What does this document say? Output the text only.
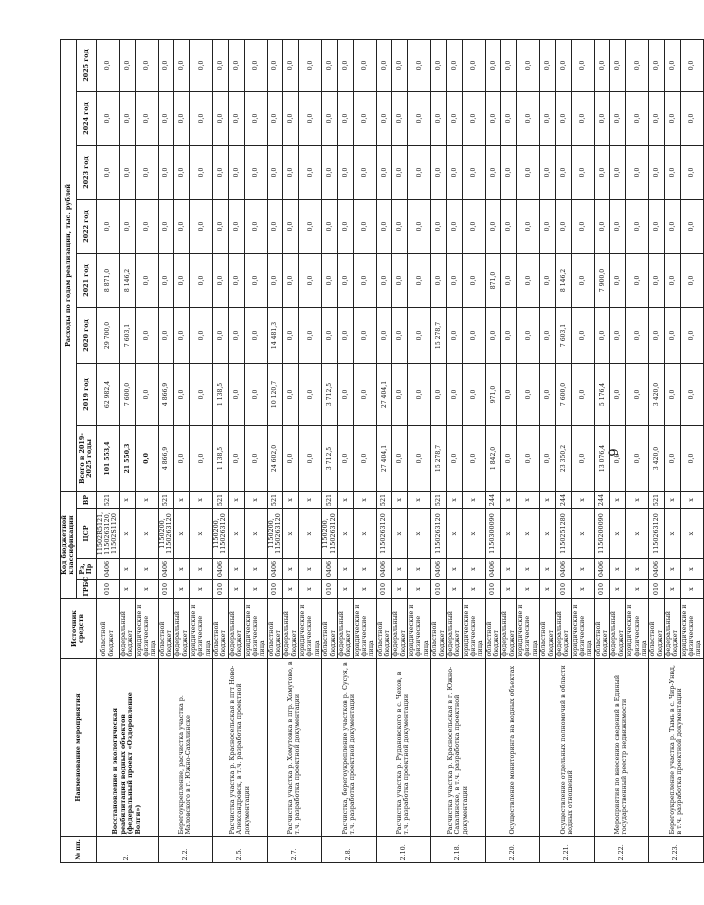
6
№ пп.	Наименование мероприятия	Источник средств	Код бюджетной классификации				Расходы по годам реализации, тыс. рублей							
			ГРБС	Рз, Пр	ЦСР	ВР	Всего в 2019-2025 годы	2019 год	2020 год	2021 год	2022 год	2023 год	2024 год	2025 год

2.	Восстановление и экологическая реабилитация водных объектов (федеральный проект «Оздоровление Волги»)	областной бюджет	010	0406	11502R5121, 1150263120, 11502S1120	521	101 553,4	62 982,4	29 700,0	8 871,0	0,0	0,0	0,0	0,0
		федеральный бюджет	x	x	x	x	21 550,3	7 600,0	7 603,1	8 146,2	0,0	0,0	0,0	0,0
		юридические и физические лица	x	x	x	x	0,0	0,0	0,0	0,0	0,0	0,0	0,0	0,0
2.2.	Берегоукрепление, расчистка участка р. Маловского в г. Южно-Сахалинске	областной бюджет	010	0406	1150200, 1150263120	521	4 866,9	4 866,9	0,0	0,0	0,0	0,0	0,0	0,0
		федеральный бюджет	x	x	x	x	0,0	0,0	0,0	0,0	0,0	0,0	0,0	0,0
		юридические и физические лица	x	x	x	x	0,0	0,0	0,0	0,0	0,0	0,0	0,0	0,0
2.5.	Расчистка участка р. Красносельская в пгт Ново-Александровск, в т.ч. разработка проектной документации	областной бюджет	010	0406	1150200, 1150263120	521	1 138,5	1 138,5	0,0	0,0	0,0	0,0	0,0	0,0
		федеральный бюджет	x	x	x	x	0,0	0,0	0,0	0,0	0,0	0,0	0,0	0,0
		юридические и физические лица	x	x	x	x	0,0	0,0	0,0	0,0	0,0	0,0	0,0	0,0
2.7.	Расчистка участка р. Хомутовка в пгр. Хомутово, в т.ч. разработка проектной документации	областной бюджет	010	0406	1150200, 1150263120	521	24 602,0	10 120,7	14 481,3	0,0	0,0	0,0	0,0	0,0
		федеральный бюджет	x	x	x	x	0,0	0,0	0,0	0,0	0,0	0,0	0,0	0,0
		юридические и физические лица	x	x	x	x	0,0	0,0	0,0	0,0	0,0	0,0	0,0	0,0
2.8.	Расчистка, берегоукрепление участков р. Сусуя, в т.ч. разработка проектной документации	областной бюджет	010	0406	1150200, 1150263120	521	3 712,5	3 712,5	0,0	0,0	0,0	0,0	0,0	0,0
		федеральный бюджет	x	x	x	x	0,0	0,0	0,0	0,0	0,0	0,0	0,0	0,0
		юридические и физические лица	x	x	x	x	0,0	0,0	0,0	0,0	0,0	0,0	0,0	0,0
2.10.	Расчистка участка р. Рудановского в с. Чехов, в т.ч. разработка проектной документации	областной бюджет	010	0406	1150263120	521	27 404,1	27 404,1	0,0	0,0	0,0	0,0	0,0	0,0
		федеральный бюджет	x	x	x	x	0,0	0,0	0,0	0,0	0,0	0,0	0,0	0,0
		юридические и физические лица	x	x	x	x	0,0	0,0	0,0	0,0	0,0	0,0	0,0	0,0
2.18.	Расчистка участка р. Красносельская в г. Южно-Сахалинске, в т.ч. разработка проектной документации	областной бюджет	010	0406	1150263120	521	15 278,7	0,0	15 278,7	0,0	0,0	0,0	0,0	0,0
		федеральный бюджет	x	x	x	x	0,0	0,0	0,0	0,0	0,0	0,0	0,0	0,0
		юридические и физические лица	x	x	x	x	0,0	0,0	0,0	0,0	0,0	0,0	0,0	0,0
2.20.	Осуществление мониторинга на водных объектах	областной бюджет	010	0406	1150300090	244	1 842,0	971,0	0,0	871,0	0,0	0,0	0,0	0,0
		федеральный бюджет	x	x	x	x	0,0	0,0	0,0	0,0	0,0	0,0	0,0	0,0
		юридические и физические лица	x	x	x	x	0,0	0,0	0,0	0,0	0,0	0,0	0,0	0,0
2.21.	Осуществление отдельных полномочий в области водных отношений	областной бюджет	x	x	x	x	0,0	0,0	0,0	0,0	0,0	0,0	0,0	0,0
		федеральный бюджет	010	0406	1150251280	244	23 350,2	7 600,0	7 603,1	8 146,2	0,0	0,0	0,0	0,0
		юридические и физические лица	x	x	x	x	0,0	0,0	0,0	0,0	0,0	0,0	0,0	0,0
2.22.	Мероприятия по внесению сведений в Единый государственный реестр недвижимости	областной бюджет	010	0406	1150200090	244	13 076,4	5 176,4	0,0	7 900,0	0,0	0,0	0,0	0,0
		федеральный бюджет	x	x	x	x	0,0	0,0	0,0	0,0	0,0	0,0	0,0	0,0
		юридические и физические лица	x	x	x	x	0,0	0,0	0,0	0,0	0,0	0,0	0,0	0,0
2.23.	Берегоукрепление участка р. Тымь в с. Чир-Унвд, в т.ч. разработка проектной документации	областной бюджет	010	0406	1150263120	521	3 420,0	3 420,0	0,0	0,0	0,0	0,0	0,0	0,0
		федеральный бюджет	x	x	x	x	0,0	0,0	0,0	0,0	0,0	0,0	0,0	0,0
		юридические и физические лица	x	x	x	x	0,0	0,0	0,0	0,0	0,0	0,0	0,0	0,0
